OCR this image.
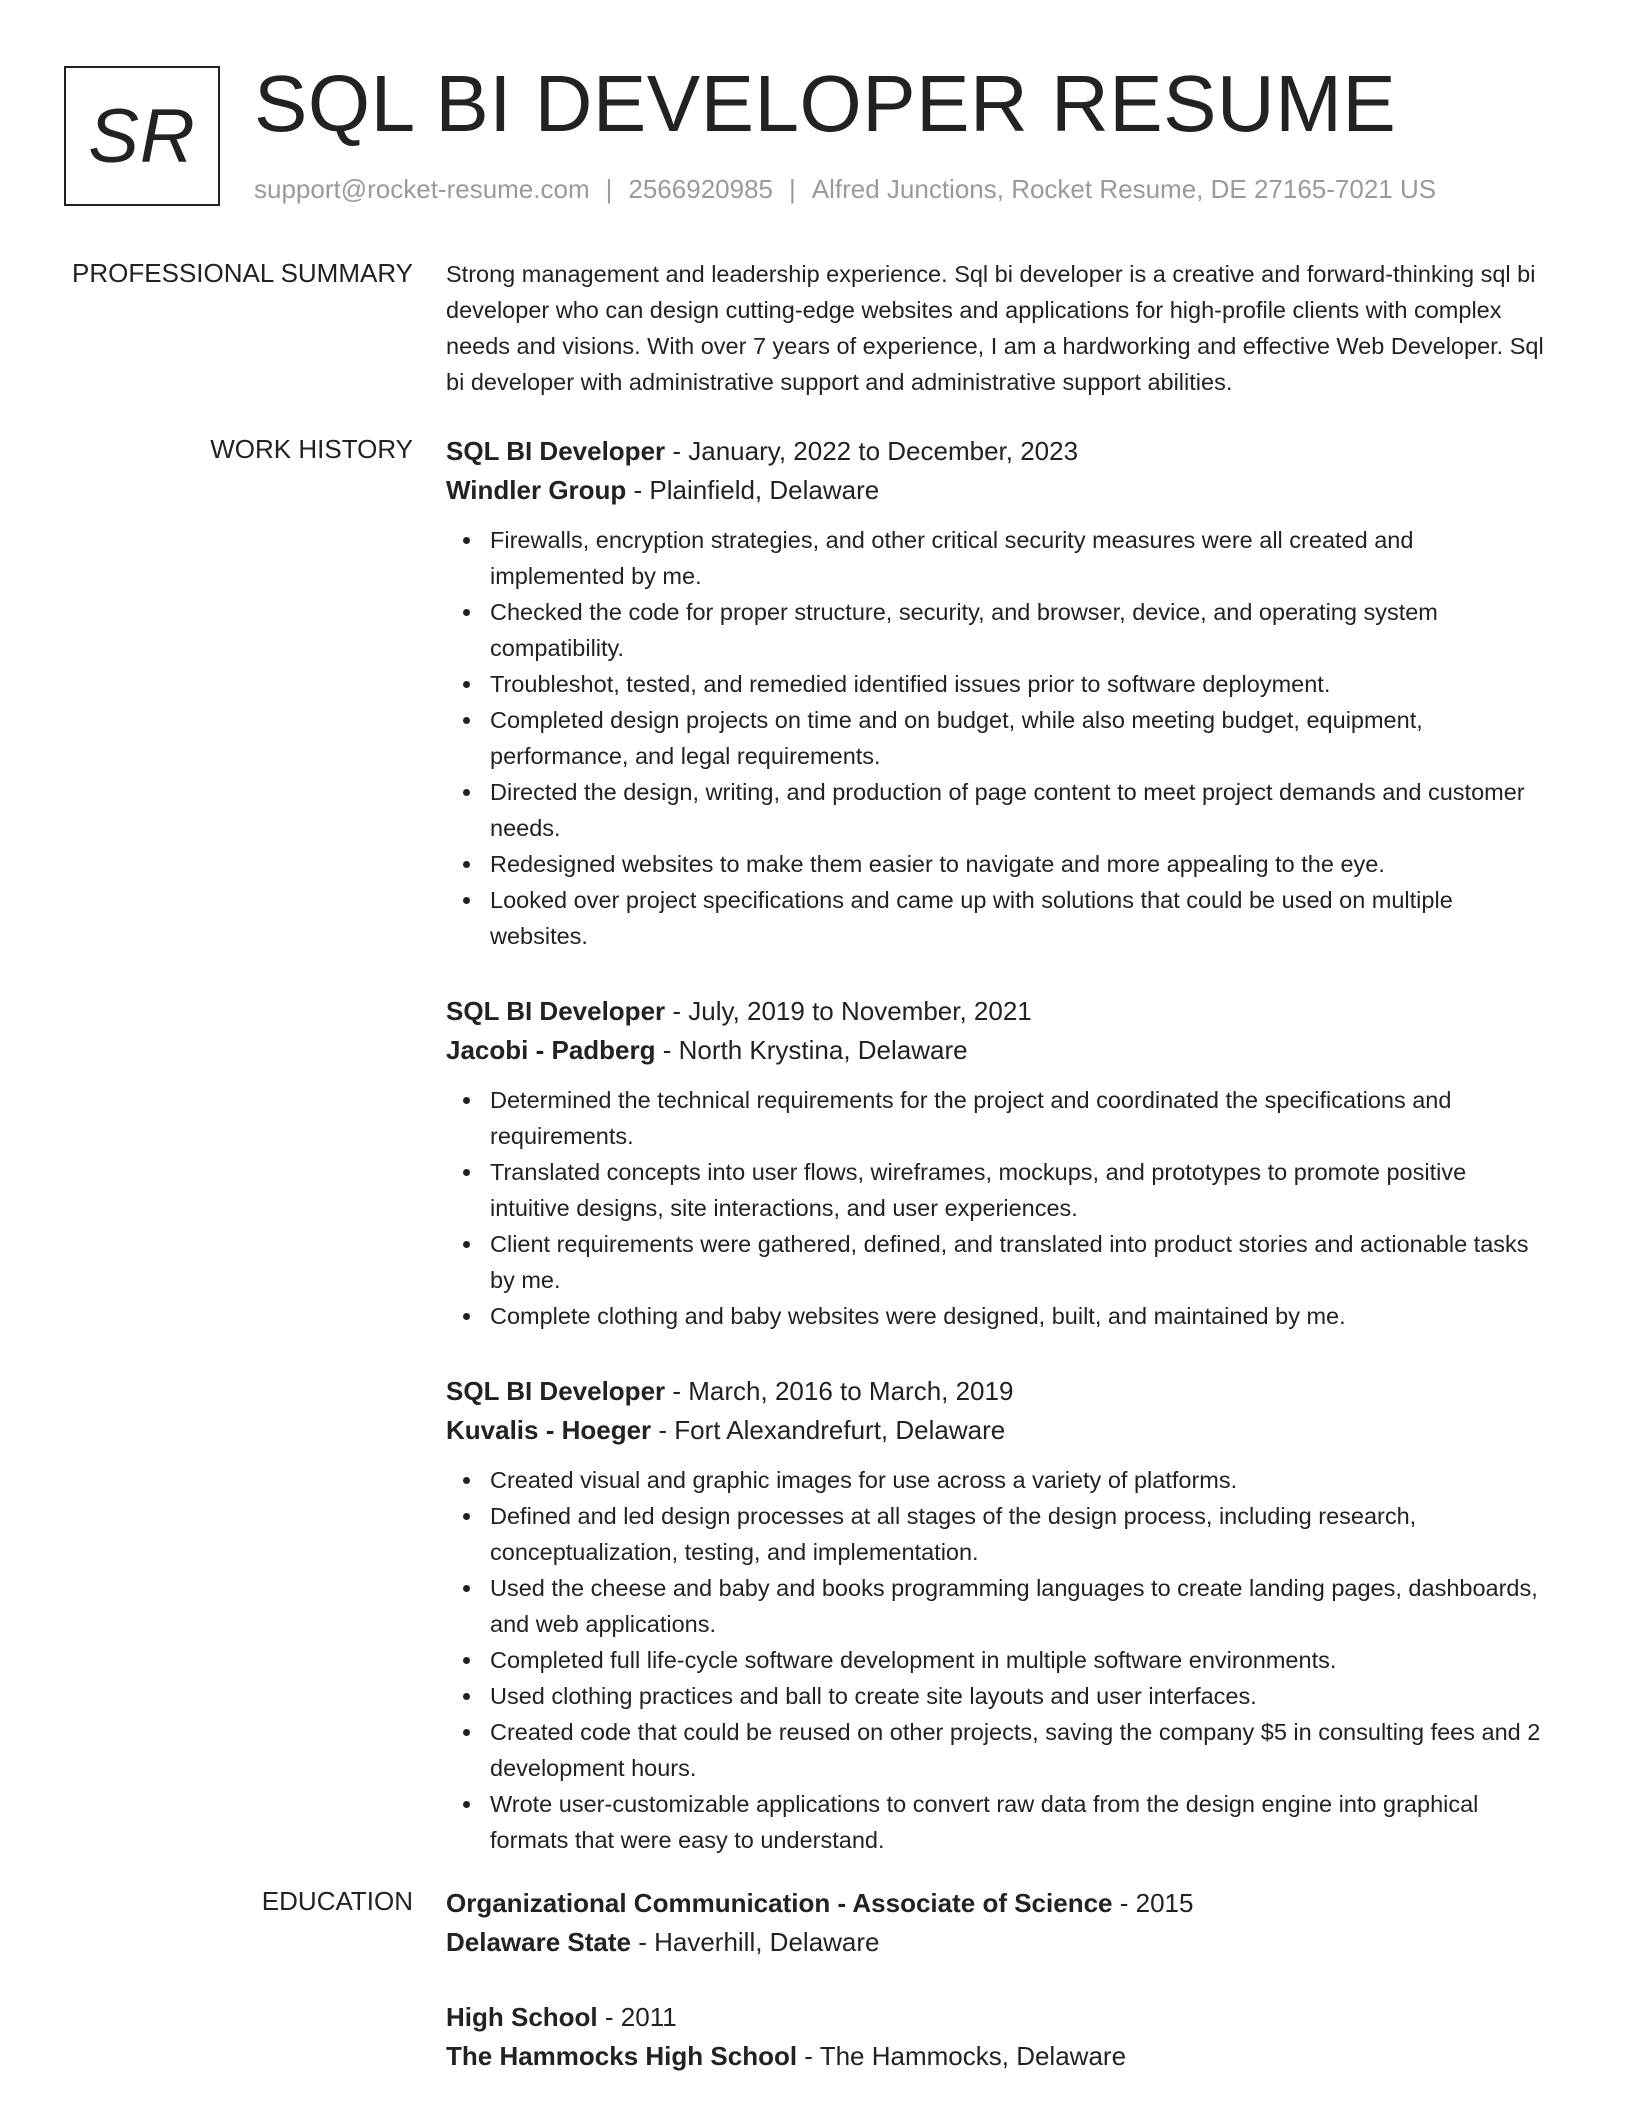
SR SQL BI DEVELOPER RESUME
support@rocket-resume.com | 2566920985 | Alfred Junctions, Rocket Resume, DE 27165-7021 US
PROFESSIONAL SUMMARY Strong management and leadership experience. Sql bi developer is a creative and forward-thinking sql bi developer who can design cutting-edge websites and applications for high-profile clients with complex needs and visions. With over 7 years of experience, I am a hardworking and effective Web Developer. Sql bi developer with administrative support and administrative support abilities.

WORK HISTORY SQL BI Developer - January, 2022 to December, 2023
Windler Group - Plainfield, Delaware
Firewalls, encryption strategies, and other critical security measures were all created and implemented by me.
Checked the code for proper structure, security, and browser, device, and operating system compatibility.
Troubleshot, tested, and remedied identified issues prior to software deployment.
Completed design projects on time and on budget, while also meeting budget, equipment, performance, and legal requirements.
Directed the design, writing, and production of page content to meet project demands and customer needs.
Redesigned websites to make them easier to navigate and more appealing to the eye.
Looked over project specifications and came up with solutions that could be used on multiple websites.
SQL BI Developer - July, 2019 to November, 2021
Jacobi - Padberg - North Krystina, Delaware
Determined the technical requirements for the project and coordinated the specifications and requirements.
Translated concepts into user flows, wireframes, mockups, and prototypes to promote positive intuitive designs, site interactions, and user experiences.
Client requirements were gathered, defined, and translated into product stories and actionable tasks by me.
Complete clothing and baby websites were designed, built, and maintained by me.
SQL BI Developer - March, 2016 to March, 2019
Kuvalis - Hoeger - Fort Alexandrefurt, Delaware
Created visual and graphic images for use across a variety of platforms.
Defined and led design processes at all stages of the design process, including research, conceptualization, testing, and implementation.
Used the cheese and baby and books programming languages to create landing pages, dashboards, and web applications.
Completed full life-cycle software development in multiple software environments.
Used clothing practices and ball to create site layouts and user interfaces.
Created code that could be reused on other projects, saving the company $5 in consulting fees and 2 development hours.
Wrote user-customizable applications to convert raw data from the design engine into graphical formats that were easy to understand.
EDUCATION Organizational Communication - Associate of Science - 2015
Delaware State - Haverhill, Delaware
High School - 2011
The Hammocks High School - The Hammocks, Delaware
